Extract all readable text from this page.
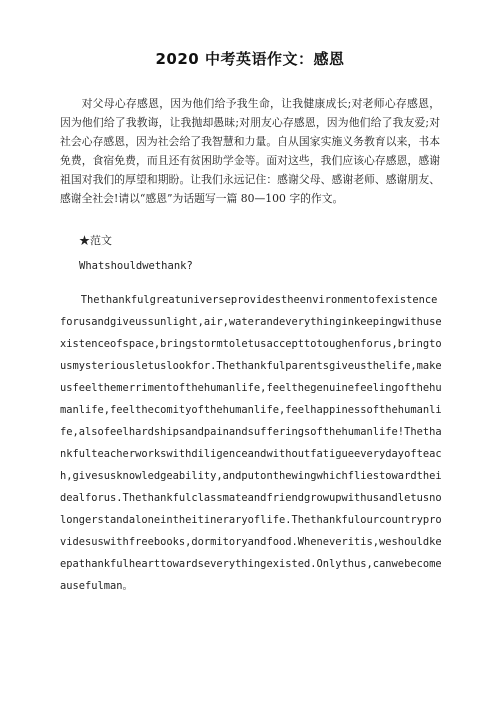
2020 中考英语作文：感恩

对父母心存感恩，因为他们给予我生命，让我健康成长;对老师心存感恩，因为他们给了我教诲，让我抛却愚昧;对朋友心存感恩，因为他们给了我友爱;对社会心存感恩，因为社会给了我智慧和力量。自从国家实施义务教育以来，书本免费，食宿免费，而且还有贫困助学金等。面对这些，我们应该心存感恩，感谢祖国对我们的厚望和期盼。让我们永远记住：感谢父母、感谢老师、感谢朋友、感谢全社会!请以“感恩”为话题写一篇 80—100 字的作文。

★范文
Whatshouldwethank?

Thethankfulgreatuniverseprovidestheenvironmentofexistenceforusandgiveussunlight,air,waterandeverythinginkeepingwithusexistenceofspace,bringstormtoletusaccepttotoughenforus,bringtousmysteriousletuslookfor.Thethankfulparentsgiveusthelife,makeusfeelthemerrimentofthehumanlife,feelthegenuinefeelingofthehumanlife,feelthecomityofthehumanlife,feelhappinessofthehumanlife,alsofeelhardshipsandpainandsufferingsofthehumanlife!Thethankfulteacherworkswithdiligenceandwithoutfatigueeverydayofteach,givesusknowledgeability,andputonthewingwhichfliestowardtheidealforus.Thethankfulclassmateandfriendgrowupwithusandletusnolongerstandaloneintheitineraryoflife.Thethankfulourcountryprovidesuswithfreebooks,dormitoryandfood.Wheneveritis,weshouldkeepathankfulhearttowardseverythingexisted.Onlythus,canwebecomeausefulman。
